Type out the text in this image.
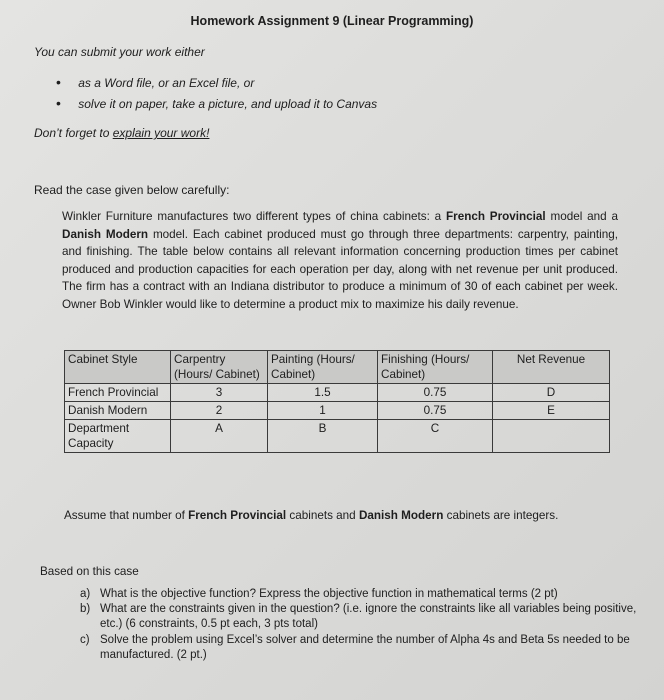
Homework Assignment 9 (Linear Programming)
You can submit your work either
• as a Word file, or an Excel file, or
• solve it on paper, take a picture, and upload it to Canvas
Don’t forget to explain your work!
Read the case given below carefully:
Winkler Furniture manufactures two different types of china cabinets: a French Provincial model and a Danish Modern model. Each cabinet produced must go through three departments: carpentry, painting, and finishing. The table below contains all relevant information concerning production times per cabinet produced and production capacities for each operation per day, along with net revenue per unit produced. The firm has a contract with an Indiana distributor to produce a minimum of 30 of each cabinet per week. Owner Bob Winkler would like to determine a product mix to maximize his daily revenue.
Cabinet Style	Carpentry (Hours/ Cabinet)	Painting (Hours/ Cabinet)	Finishing (Hours/ Cabinet)	Net Revenue
French Provincial	3	1.5	0.75	D
Danish Modern	2	1	0.75	E
Department Capacity	A	B	C	
Assume that number of French Provincial cabinets and Danish Modern cabinets are integers.
Based on this case
a) What is the objective function? Express the objective function in mathematical terms (2 pt)
b) What are the constraints given in the question? (i.e. ignore the constraints like all variables being positive, etc.) (6 constraints, 0.5 pt each, 3 pts total)
c) Solve the problem using Excel’s solver and determine the number of Alpha 4s and Beta 5s needed to be manufactured. (2 pt.)
